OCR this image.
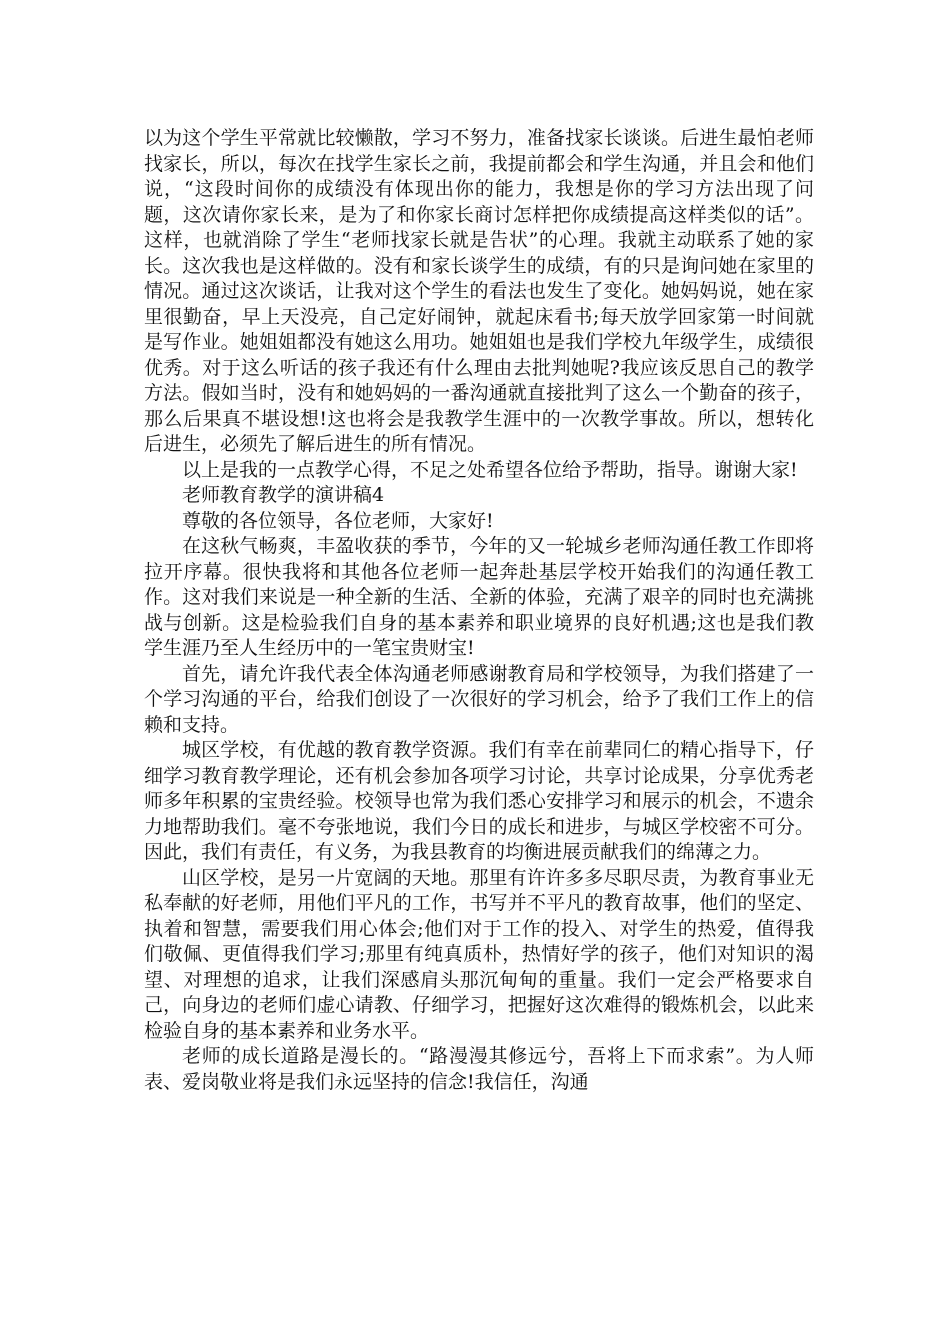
以为这个学生平常就比较懒散，学习不努力，准备找家长谈谈。后进生最怕老师找家长，所以，每次在找学生家长之前，我提前都会和学生沟通，并且会和他们说，“这段时间你的成绩没有体现出你的能力，我想是你的学习方法出现了问题，这次请你家长来，是为了和你家长商讨怎样把你成绩提高这样类似的话”。这样，也就消除了学生“老师找家长就是告状”的心理。我就主动联系了她的家长。这次我也是这样做的。没有和家长谈学生的成绩，有的只是询问她在家里的情况。通过这次谈话，让我对这个学生的看法也发生了变化。她妈妈说，她在家里很勤奋，早上天没亮，自己定好闹钟，就起床看书;每天放学回家第一时间就是写作业。她姐姐都没有她这么用功。她姐姐也是我们学校九年级学生，成绩很优秀。对于这么听话的孩子我还有什么理由去批判她呢?我应该反思自己的教学方法。假如当时，没有和她妈妈的一番沟通就直接批判了这么一个勤奋的孩子，那么后果真不堪设想!这也将会是我教学生涯中的一次教学事故。所以，想转化后进生，必须先了解后进生的所有情况。

以上是我的一点教学心得，不足之处希望各位给予帮助，指导。谢谢大家!

老师教育教学的演讲稿4

尊敬的各位领导，各位老师，大家好!

在这秋气畅爽，丰盈收获的季节，今年的又一轮城乡老师沟通任教工作即将拉开序幕。很快我将和其他各位老师一起奔赴基层学校开始我们的沟通任教工作。这对我们来说是一种全新的生活、全新的体验，充满了艰辛的同时也充满挑战与创新。这是检验我们自身的基本素养和职业境界的良好机遇;这也是我们教学生涯乃至人生经历中的一笔宝贵财宝!

首先，请允许我代表全体沟通老师感谢教育局和学校领导，为我们搭建了一个学习沟通的平台，给我们创设了一次很好的学习机会，给予了我们工作上的信赖和支持。

城区学校，有优越的教育教学资源。我们有幸在前辈同仁的精心指导下，仔细学习教育教学理论，还有机会参加各项学习讨论，共享讨论成果，分享优秀老师多年积累的宝贵经验。校领导也常为我们悉心安排学习和展示的机会，不遗余力地帮助我们。毫不夸张地说，我们今日的成长和进步，与城区学校密不可分。因此，我们有责任，有义务，为我县教育的均衡进展贡献我们的绵薄之力。

山区学校，是另一片宽阔的天地。那里有许许多多尽职尽责，为教育事业无私奉献的好老师，用他们平凡的工作，书写并不平凡的教育故事，他们的坚定、执着和智慧，需要我们用心体会;他们对于工作的投入、对学生的热爱，值得我们敬佩、更值得我们学习;那里有纯真质朴，热情好学的孩子，他们对知识的渴望、对理想的追求，让我们深感肩头那沉甸甸的重量。我们一定会严格要求自己，向身边的老师们虚心请教、仔细学习，把握好这次难得的锻炼机会，以此来检验自身的基本素养和业务水平。

老师的成长道路是漫长的。“路漫漫其修远兮，吾将上下而求索”。为人师表、爱岗敬业将是我们永远坚持的信念!我信任，沟通
